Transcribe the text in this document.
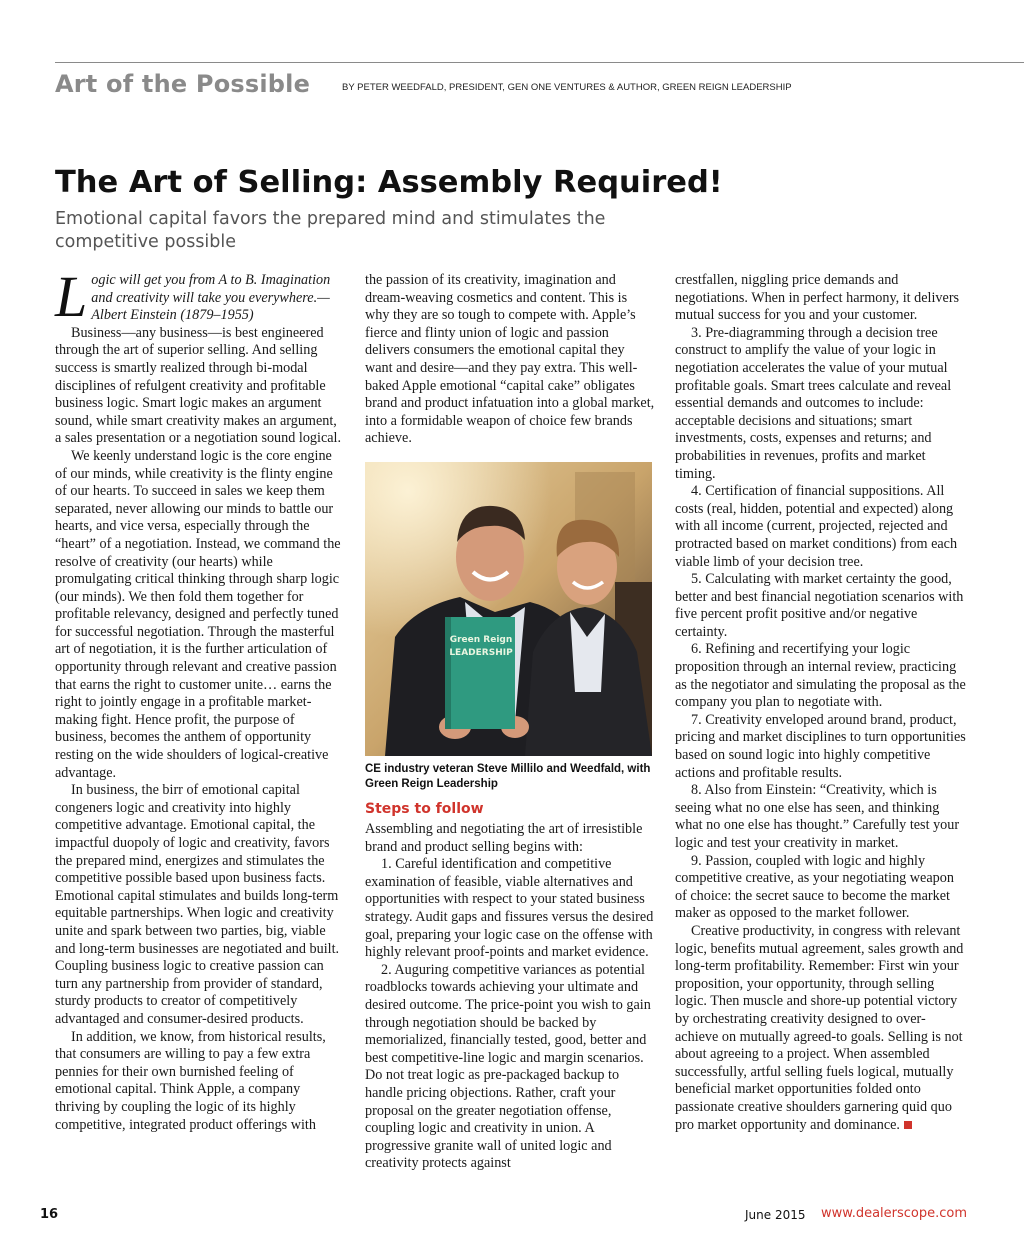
Art of the Possible	BY PETER WEEDFALD, PRESIDENT, GEN ONE VENTURES & AUTHOR, GREEN REIGN LEADERSHIP
The Art of Selling: Assembly Required!
Emotional capital favors the prepared mind and stimulates the competitive possible

Logic will get you from A to B. Imagination and creativity will take you everywhere.—Albert Einstein (1879–1955)

Business—any business—is best engineered through the art of superior selling. And selling success is smartly realized through bi-modal disciplines of refulgent creativity and profitable business logic. Smart logic makes an argument sound, while smart creativity makes an argument, a sales presentation or a negotiation sound logical.

We keenly understand logic is the core engine of our minds, while creativity is the flinty engine of our hearts. To succeed in sales we keep them separated, never allowing our minds to battle our hearts, and vice versa, especially through the “heart” of a negotiation. Instead, we command the resolve of creativity (our hearts) while promulgating critical thinking through sharp logic (our minds). We then fold them together for profitable relevancy, designed and perfectly tuned for successful negotiation. Through the masterful art of negotiation, it is the further articulation of opportunity through relevant and creative passion that earns the right to customer unite… earns the right to jointly engage in a profitable market-making fight. Hence profit, the purpose of business, becomes the anthem of opportunity resting on the wide shoulders of logical-creative advantage.

In business, the birr of emotional capital congeners logic and creativity into highly competitive advantage. Emotional capital, the impactful duopoly of logic and creativity, favors the prepared mind, energizes and stimulates the competitive possible based upon business facts. Emotional capital stimulates and builds long-term equitable partnerships. When logic and creativity unite and spark between two parties, big, viable and long-term businesses are negotiated and built. Coupling business logic to creative passion can turn any partnership from provider of standard, sturdy products to creator of competitively advantaged and consumer-desired products.

In addition, we know, from historical results, that consumers are willing to pay a few extra pennies for their own burnished feeling of emotional capital. Think Apple, a company thriving by coupling the logic of its highly competitive, integrated product offerings with

the passion of its creativity, imagination and dream-weaving cosmetics and content. This is why they are so tough to compete with. Apple’s fierce and flinty union of logic and passion delivers consumers the emotional capital they want and desire—and they pay extra. This well-baked Apple emotional “capital cake” obligates brand and product infatuation into a global market, into a formidable weapon of choice few brands achieve.

Green Reign
LEADERSHIP
CE industry veteran Steve Millilo and Weedfald, with Green Reign Leadership
Steps to follow

Assembling and negotiating the art of irresistible brand and product selling begins with:

1. Careful identification and competitive examination of feasible, viable alternatives and opportunities with respect to your stated business strategy. Audit gaps and fissures versus the desired goal, preparing your logic case on the offense with highly relevant proof-points and market evidence.

2. Auguring competitive variances as potential roadblocks towards achieving your ultimate and desired outcome. The price-point you wish to gain through negotiation should be backed by memorialized, financially tested, good, better and best competitive-line logic and margin scenarios. Do not treat logic as pre-packaged backup to handle pricing objections. Rather, craft your proposal on the greater negotiation offense, coupling logic and creativity in union. A progressive granite wall of united logic and creativity protects against

crestfallen, niggling price demands and negotiations. When in perfect harmony, it delivers mutual success for you and your customer.

3. Pre-diagramming through a decision tree construct to amplify the value of your logic in negotiation accelerates the value of your mutual profitable goals. Smart trees calculate and reveal essential demands and outcomes to include: acceptable decisions and situations; smart investments, costs, expenses and returns; and probabilities in revenues, profits and market timing.

4. Certification of financial suppositions. All costs (real, hidden, potential and expected) along with all income (current, projected, rejected and protracted based on market conditions) from each viable limb of your decision tree.

5. Calculating with market certainty the good, better and best financial negotiation scenarios with five percent profit positive and/or negative certainty.

6. Refining and recertifying your logic proposition through an internal review, practicing as the negotiator and simulating the proposal as the company you plan to negotiate with.

7. Creativity enveloped around brand, product, pricing and market disciplines to turn opportunities based on sound logic into highly competitive actions and profitable results.

8. Also from Einstein: “Creativity, which is seeing what no one else has seen, and thinking what no one else has thought.” Carefully test your logic and test your creativity in market.

9. Passion, coupled with logic and highly competitive creative, as your negotiating weapon of choice: the secret sauce to become the market maker as opposed to the market follower.

Creative productivity, in congress with relevant logic, benefits mutual agreement, sales growth and long-term profitability. Remember: First win your proposition, your opportunity, through selling logic. Then muscle and shore-up potential victory by orchestrating creativity designed to over-achieve on mutually agreed-to goals. Selling is not about agreeing to a project. When assembled successfully, artful selling fuels logical, mutually beneficial market opportunities folded onto passionate creative shoulders garnering quid quo pro market opportunity and dominance.

16	June 2015 www.dealerscope.com
